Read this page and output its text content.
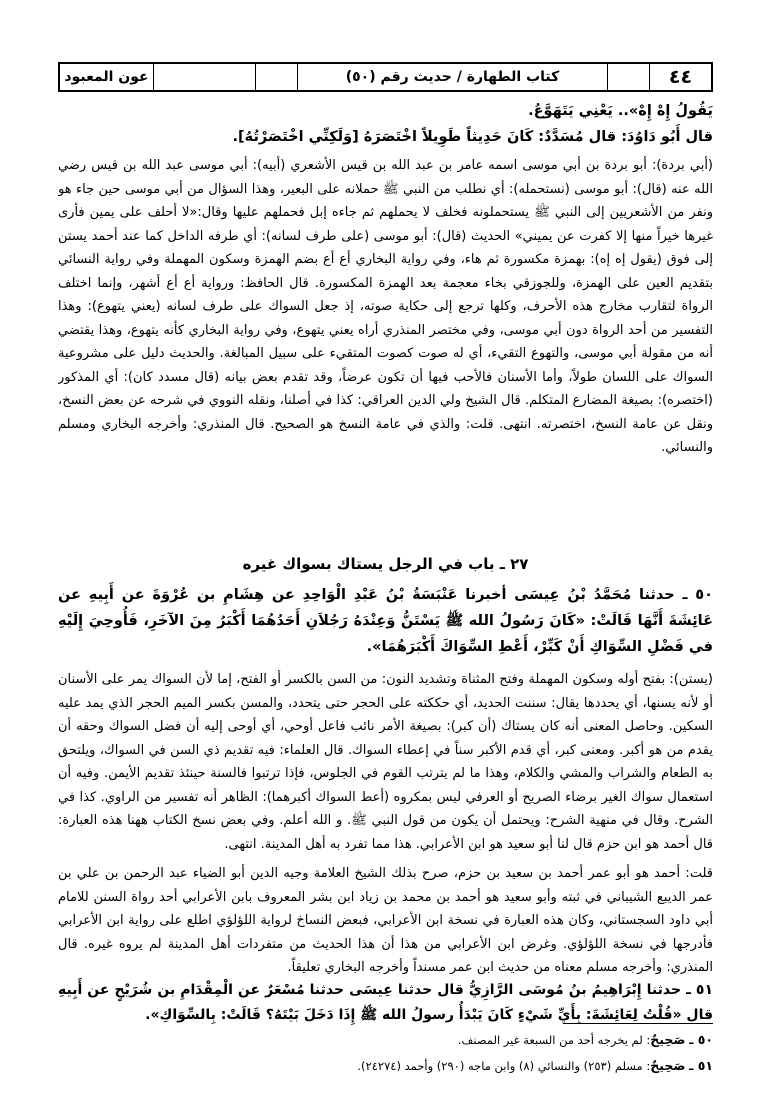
٤٤
كتاب الطهارة / حديث رقم (٥٠)
عون المعبود
يَقُولُ إِهْ إِهْ».. يَعْنِي يَتَهَوَّعُ.
قال أَبُو دَاوُدَ: قال مُسَدَّدٌ: كَانَ حَدِيثاً طَوِيلاً اخْتَصَرَهُ [وَلَكِنِّي اخْتَصَرْتُهُ].
(أبي بردة): أبو بردة بن أبي موسى اسمه عامر بن عبد الله بن قيس الأشعري (أبيه): أبي موسى عبد الله بن قيس رضي الله عنه (قال): أبو موسى (نستحمله): أي نطلب من النبي ﷺ حملانه على البعير، وهذا السؤال من أبي موسى حين جاء هو ونفر من الأشعريين إلى النبي ﷺ يستحملونه فخلف لا يحملهم ثم جاءه إبل فحملهم عليها وقال:«لا أحلف على يمين فأرى غيرها خيراً منها إلا كفرت عن يميني» الحديث (قال): أبو موسى (على طرف لسانه): أي طرفه الداخل كما عند أحمد يستن إلى فوق (يقول إه إه): بهمزة مكسورة ثم هاء، وفي رواية البخاري أع أع بضم الهمزة وسكون المهملة وفي رواية النسائي بتقديم العين على الهمزة، وللجوزقي بخاء معجمة بعد الهمزة المكسورة. قال الحافظ: ورواية أع أع أشهر، وإنما اختلف الرواة لتقارب مخارج هذه الأحرف، وكلها ترجع إلى حكاية صوته، إذ جعل السواك على طرف لسانه (يعني يتهوع): وهذا التفسير من أحد الرواة دون أبي موسى، وفي مختصر المنذري أراه يعني يتهوع، وفي رواية البخاري كأنه يتهوع، وهذا يقتضي أنه من مقولة أبي موسى، والتهوع التقيء، أي له صوت كصوت المتقيء على سبيل المبالغة. والحديث دليل على مشروعية السواك على اللسان طولاً، وأما الأسنان فالأحب فيها أن تكون عرضاً، وقد تقدم بعض بيانه (قال مسدد كان): أي المذكور (اختصره): بصيغة المضارع المتكلم. قال الشيخ ولي الدين العراقي: كذا في أصلنا، ونقله النووي في شرحه عن بعض النسخ، ونقل عن عامة النسخ، اختصرته. انتهى. قلت: والذي في عامة النسخ هو الصحيح. قال المنذري: وأخرجه البخاري ومسلم والنسائي.
٢٧ ـ باب في الرجل يستاك بسواك غيره
٥٠ ـ حدثنا مُحَمَّدُ بْنُ عِيسَى أخبرنا عَنْبَسَةُ بْنُ عَبْدِ الْوَاحِدِ عن هِشَامِ بن عُرْوَةَ عن أَبِيهِ عن عَائِشَةَ أَنَّهَا قَالَتْ: «كَانَ رَسُولُ الله ﷺ يَسْتَنُّ وَعِنْدَهُ رَجُلاَنِ أَحَدُهُمَا أَكْبَرُ مِنَ الآخَرِ، فَأُوحِيَ إِلَيْهِ في فَضْلِ السِّوَاكِ أَنْ كَبِّرْ، أَعْطِ السِّوَاكَ أَكْبَرَهُمَا».
(يستن): بفتح أوله وسكون المهملة وفتح المثناة وتشديد النون: من السن بالكسر أو الفتح، إما لأن السواك يمر على الأسنان أو لأنه يسنها، أي يحددها يقال: سننت الحديد، أي حككته على الحجر حتى يتحدد، والمسن بكسر الميم الحجر الذي يمد عليه السكين. وحاصل المعنى أنه كان يستاك (أن كبر): بصيغة الأمر نائب فاعل أوحي، أي أوحى إليه أن فضل السواك وحقه أن يقدم من هو أكبر. ومعنى كبر، أي قدم الأكبر سناً في إعطاء السواك. قال العلماء: فيه تقديم ذي السن في السواك، ويلتحق به الطعام والشراب والمشي والكلام، وهذا ما لم يترتب القوم في الجلوس، فإذا ترتبوا فالسنة حينئذ تقديم الأيمن. وفيه أن استعمال سواك الغير برضاء الصريح أو العرفي ليس بمكروه (أعط السواك أكبرهما): الظاهر أنه تفسير من الراوي. كذا في الشرح. وقال في منهية الشرح: ويحتمل أن يكون من قول النبي ﷺ. و الله أعلم. وفي بعض نسخ الكتاب ههنا هذه العبارة: قال أحمد هو ابن حزم قال لنا أبو سعيد هو ابن الأعرابي. هذا مما تفرد به أهل المدينة. انتهى.
قلت: أحمد هو أبو عمر أحمد بن سعيد بن حزم، صرح بذلك الشيخ العلامة وجيه الدين أبو الضياء عبد الرحمن بن علي بن عمر الديبع الشيباني في ثبته وأبو سعيد هو أحمد بن محمد بن زياد ابن بشر المعروف بابن الأعرابي أحد رواة السنن للامام أبي داود السجستاني، وكان هذه العبارة في نسخة ابن الأعرابي، فبعض النساخ لرواية اللؤلؤي اطلع على رواية ابن الأعرابي فأدرجها في نسخة اللؤلؤي. وغرض ابن الأعرابي من هذا أن هذا الحديث من متفردات أهل المدينة لم يروه غيره. قال المنذري: وأخرجه مسلم معناه من حديث ابن عمر مسنداً وأخرجه البخاري تعليقاً.
٥١ ـ حدثنا إِبْرَاهِيمُ بنُ مُوسَى الرَّازِيُّ قال حدثنا عِيسَى حدثنا مُسْعَرٌ عن الْمِقْدَامِ بن شُرَيْحٍ عن أَبِيهِ قال «قُلْتُ لِعَائِشَةَ: بِأَيِّ شَيْءٍ كَانَ يَبْدَأُ رسولُ الله ﷺ إِذَا دَخَلَ بَيْتَهُ؟ قَالَتْ: بِالسِّوَاكِ».
٥٠ ـ صَحِيحٌ: لم يخرجه أحد من السبعة غير المصنف.
٥١ ـ صَحِيحٌ: مسلم (٢٥٣) والنسائي (٨) وابن ماجه (٢٩٠) وأحمد (٢٤٢٧٤).
